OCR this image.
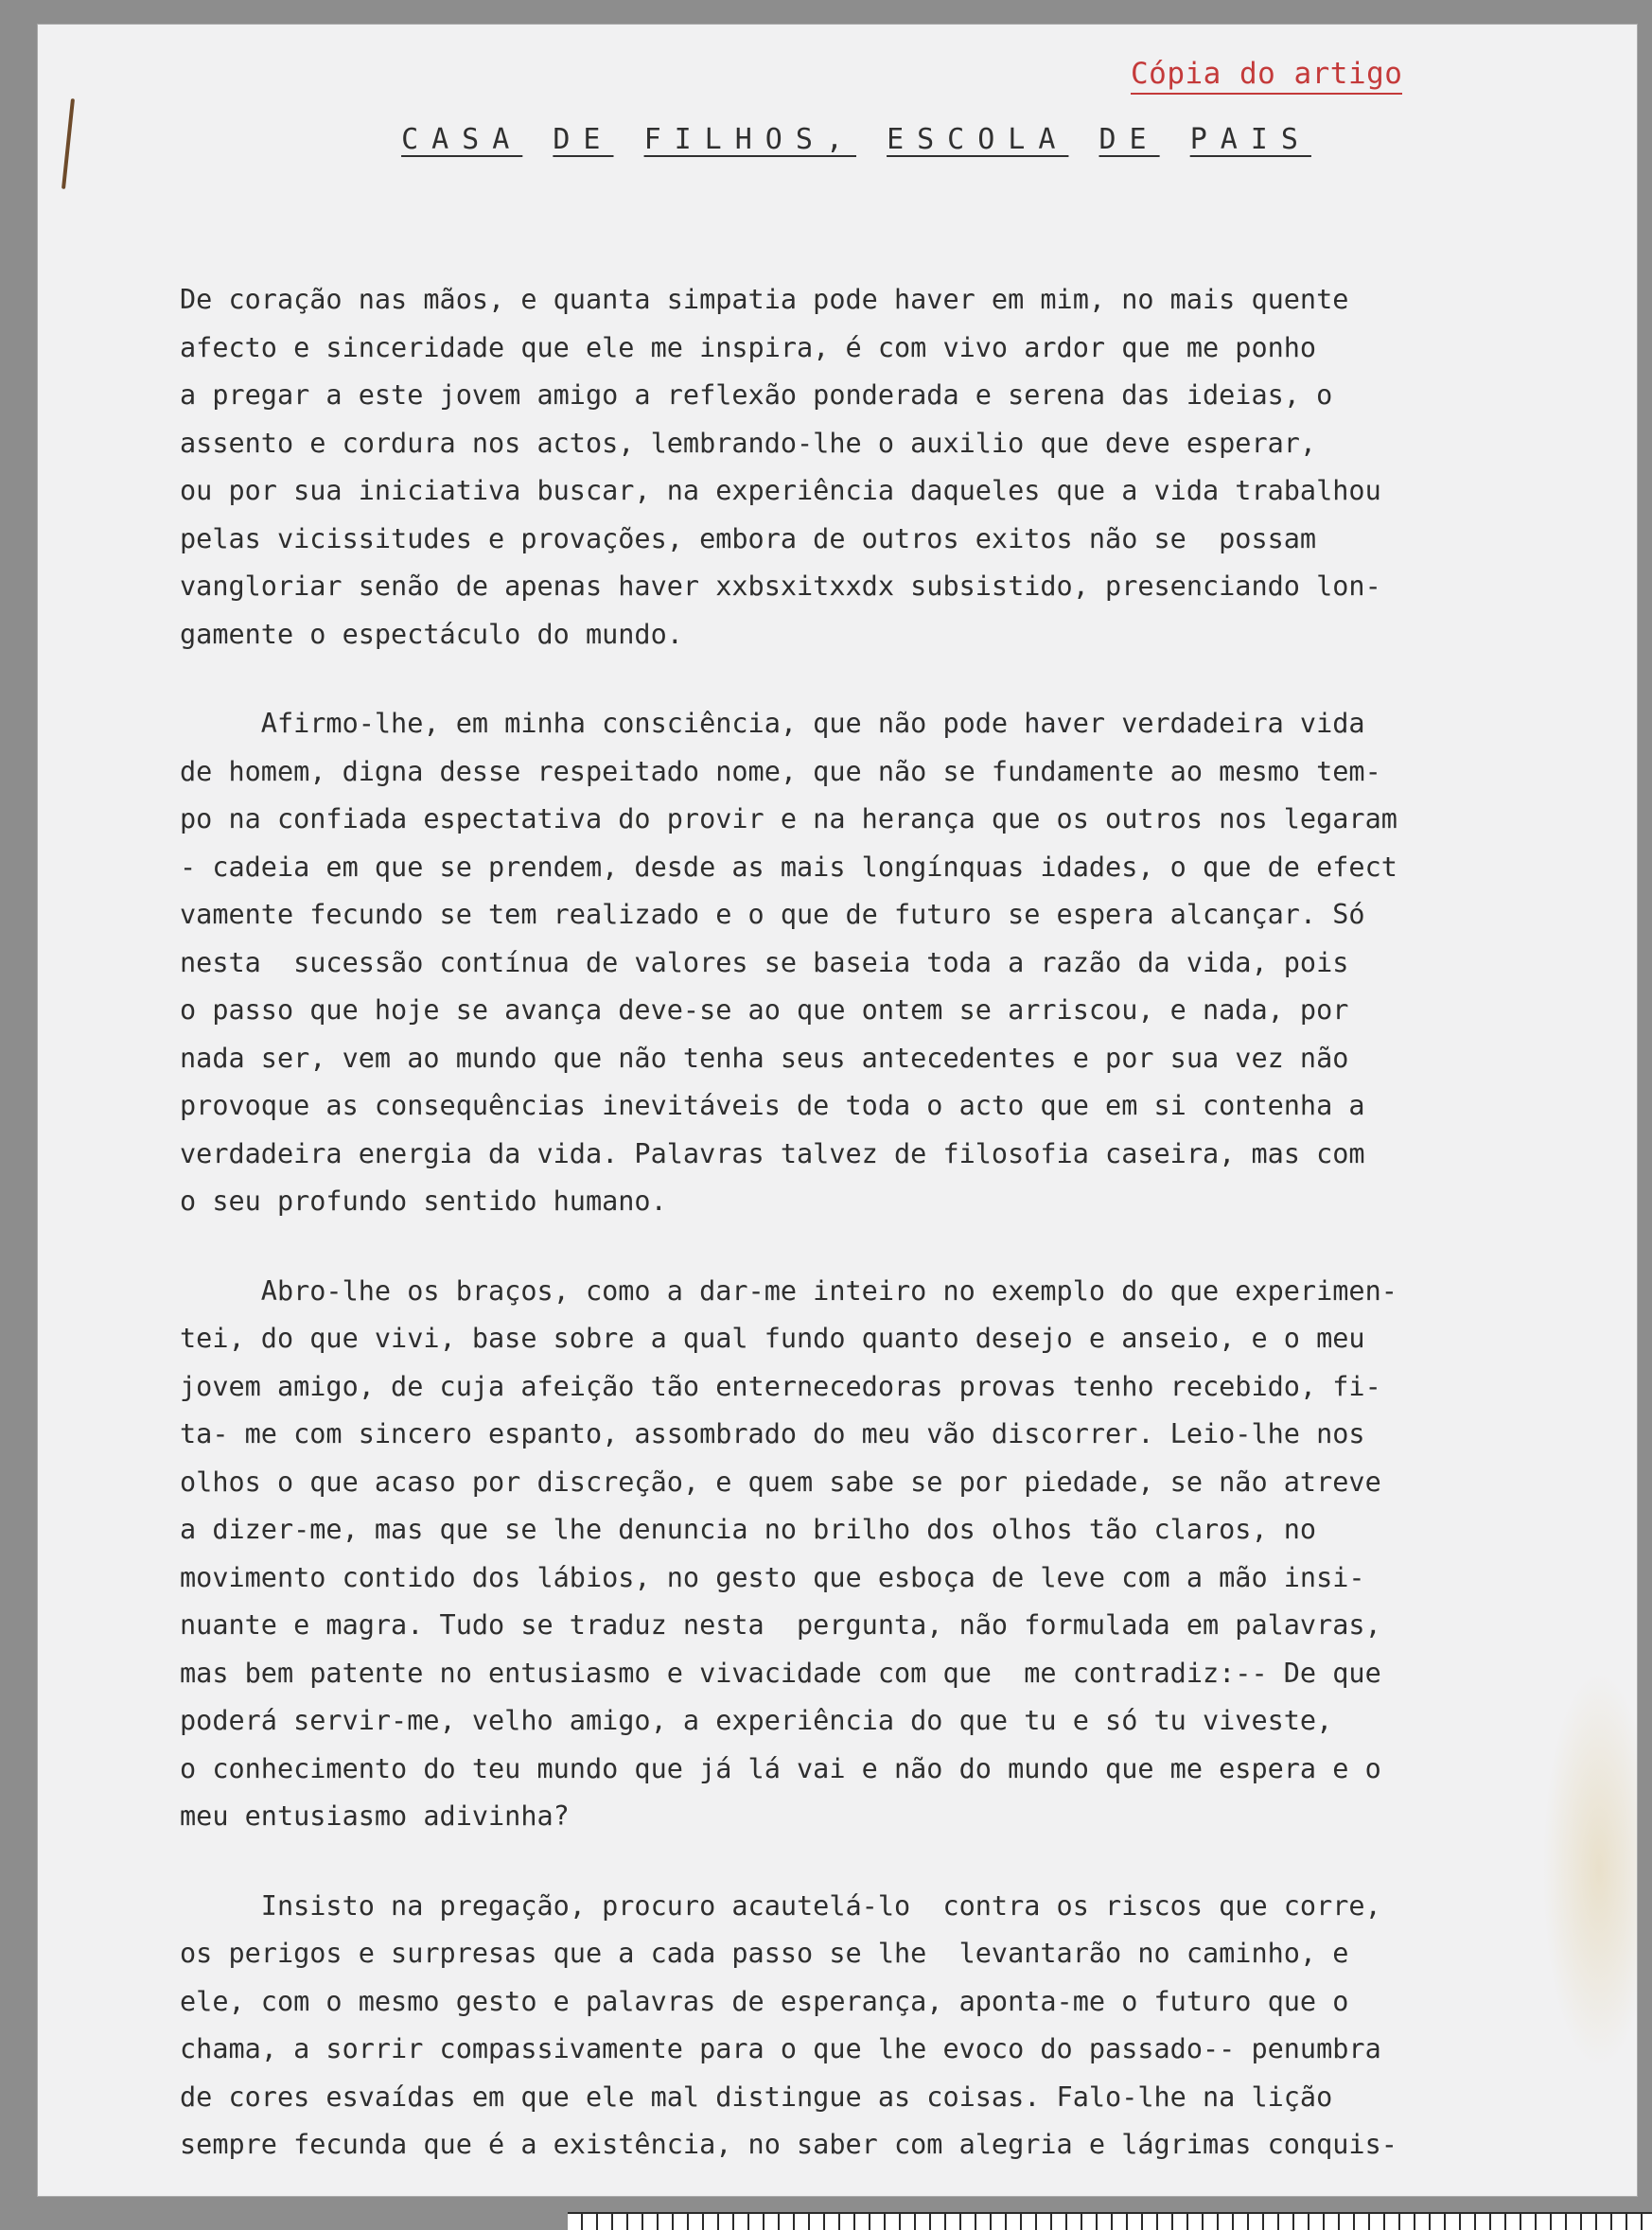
Cópia do artigo
CASA DE FILHOS, ESCOLA DE PAIS
De coração nas mãos, e quanta simpatia pode haver em mim, no mais quente
afecto e sinceridade que ele me inspira, é com vivo ardor que me ponho
a pregar a este jovem amigo a reflexão ponderada e serena das ideias, o
assento e cordura nos actos, lembrando-lhe o auxilio que deve esperar,
ou por sua iniciativa buscar, na experiência daqueles que a vida trabalhou
pelas vicissitudes e provações, embora de outros exitos não se  possam
vangloriar senão de apenas haver xxbsxitxxdx subsistido, presenciando lon-
gamente o espectáculo do mundo.
Afirmo-lhe, em minha consciência, que não pode haver verdadeira vida
de homem, digna desse respeitado nome, que não se fundamente ao mesmo tem-
po na confiada espectativa do provir e na herança que os outros nos legaram
- cadeia em que se prendem, desde as mais longínquas idades, o que de efect
vamente fecundo se tem realizado e o que de futuro se espera alcançar. Só
nesta  sucessão contínua de valores se baseia toda a razão da vida, pois
o passo que hoje se avança deve-se ao que ontem se arriscou, e nada, por
nada ser, vem ao mundo que não tenha seus antecedentes e por sua vez não
provoque as consequências inevitáveis de toda o acto que em si contenha a
verdadeira energia da vida. Palavras talvez de filosofia caseira, mas com
o seu profundo sentido humano.
Abro-lhe os braços, como a dar-me inteiro no exemplo do que experimen-
tei, do que vivi, base sobre a qual fundo quanto desejo e anseio, e o meu
jovem amigo, de cuja afeição tão enternecedoras provas tenho recebido, fi-
ta- me com sincero espanto, assombrado do meu vão discorrer. Leio-lhe nos
olhos o que acaso por discreção, e quem sabe se por piedade, se não atreve
a dizer-me, mas que se lhe denuncia no brilho dos olhos tão claros, no
movimento contido dos lábios, no gesto que esboça de leve com a mão insi-
nuante e magra. Tudo se traduz nesta  pergunta, não formulada em palavras,
mas bem patente no entusiasmo e vivacidade com que  me contradiz:-- De que
poderá servir-me, velho amigo, a experiência do que tu e só tu viveste,
o conhecimento do teu mundo que já lá vai e não do mundo que me espera e o
meu entusiasmo adivinha?
Insisto na pregação, procuro acautelá-lo  contra os riscos que corre,
os perigos e surpresas que a cada passo se lhe  levantarão no caminho, e
ele, com o mesmo gesto e palavras de esperança, aponta-me o futuro que o
chama, a sorrir compassivamente para o que lhe evoco do passado-- penumbra
de cores esvaídas em que ele mal distingue as coisas. Falo-lhe na lição
sempre fecunda que é a existência, no saber com alegria e lágrimas conquis-
